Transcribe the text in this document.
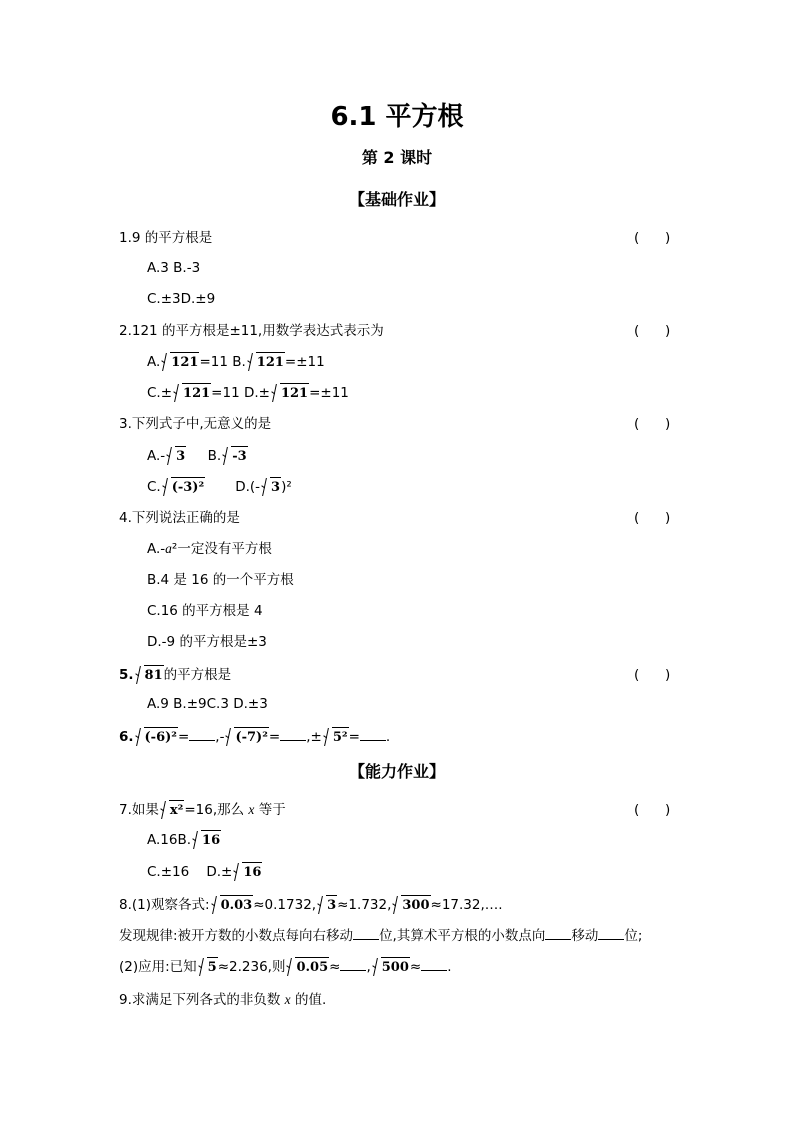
6.1 平方根
第 2 课时
【基础作业】
1.9 的平方根是	(      )
A.3 B.-3
C.±3D.±9
2.121 的平方根是±11,用数学表达式表示为	(      )
A. 121=11 B. 121=±11
C.± 121=11 D.± 121=±11
3.下列式子中,无意义的是	(      )
A.- 3     B. -3
C. (-3)²       D.(- 3)²
4.下列说法正确的是	(      )
A.-a²一定没有平方根
B.4 是 16 的一个平方根
C.16 的平方根是 4
D.-9 的平方根是±3
5. 81的平方根是	(      )
A.9 B.±9C.3 D.±3
6. (-6)²= ,- (-7)²= ,± 5²= .
【能力作业】
7.如果 x²=16,那么 x 等于	(      )
A.16B. 16
C.±16    D.± 16
8.(1)观察各式: 0.03≈0.1732, 3≈1.732, 300≈17.32,….
发现规律:被开方数的小数点每向右移动 位,其算术平方根的小数点向 移动 位;
(2)应用:已知 5≈2.236,则 0.05≈ , 500≈ .
9.求满足下列各式的非负数 x 的值.
